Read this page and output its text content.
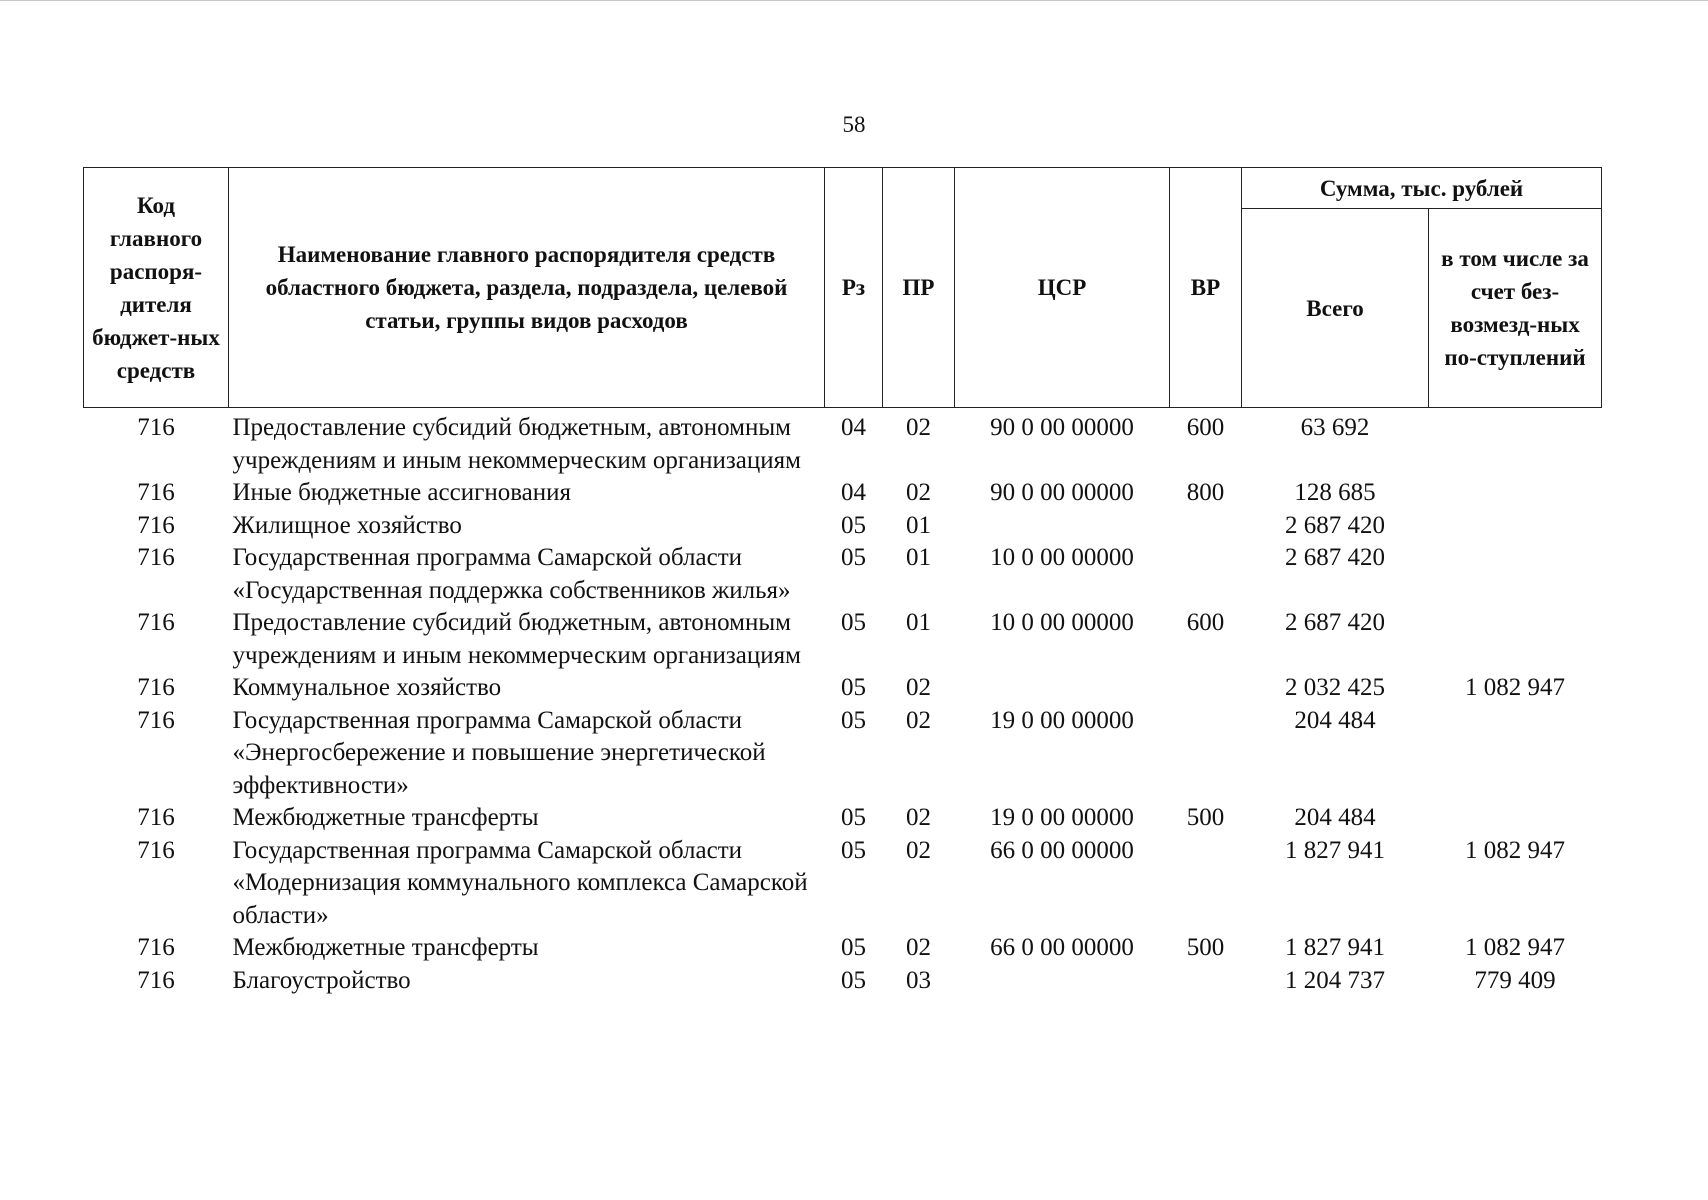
58
Код главного распоря-дителя бюджет-ных средств	Наименование главного распорядителя средств областного бюджета, раздела, подраздела, целевой статьи, группы видов расходов	Рз	ПР	ЦСР	ВР	Сумма, тыс. рублей	
						Всего	в том числе за счет без-возмезд-ных по-ступлений
716	Предоставление субсидий бюджетным, автономным учреждениям и иным некоммерческим организациям	04	02	90 0 00 00000	600	63 692	
716	Иные бюджетные ассигнования	04	02	90 0 00 00000	800	128 685	
716	Жилищное хозяйство	05	01			2 687 420	
716	Государственная программа Самарской области «Государственная поддержка собственников жилья»	05	01	10 0 00 00000		2 687 420	
716	Предоставление субсидий бюджетным, автономным учреждениям и иным некоммерческим организациям	05	01	10 0 00 00000	600	2 687 420	
716	Коммунальное хозяйство	05	02			2 032 425	1 082 947
716	Государственная программа Самарской области «Энергосбережение и повышение энергетической эффективности»	05	02	19 0 00 00000		204 484	
716	Межбюджетные трансферты	05	02	19 0 00 00000	500	204 484	
716	Государственная программа Самарской области «Модернизация коммунального комплекса Самарской области»	05	02	66 0 00 00000		1 827 941	1 082 947
716	Межбюджетные трансферты	05	02	66 0 00 00000	500	1 827 941	1 082 947
716	Благоустройство	05	03			1 204 737	779 409
